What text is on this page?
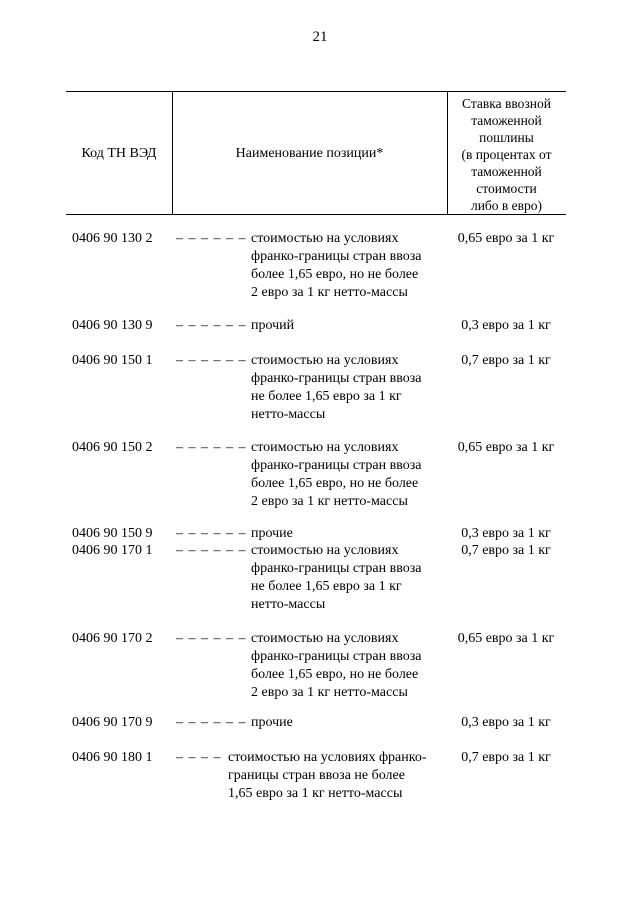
21
Код ТН ВЭД	Наименование позиции*
Ставка ввозной
таможенной
пошлины
(в процентах от
таможенной
стоимости
либо в евро)
0406 90 130 2 – – – – – – стоимостью на условиях
франко-границы стран ввоза
более 1,65 евро, но не более
2 евро за 1 кг нетто-массы
0,65 евро за 1 кг
0406 90 130 9 – – – – – – прочий	0,3 евро за 1 кг
0406 90 150 1 – – – – – – стоимостью на условиях
франко-границы стран ввоза
не более 1,65 евро за 1 кг
нетто-массы
0,7 евро за 1 кг
0406 90 150 2 – – – – – – стоимостью на условиях
франко-границы стран ввоза
более 1,65 евро, но не более
2 евро за 1 кг нетто-массы
0,65 евро за 1 кг
0406 90 150 9 – – – – – – прочие	0,3 евро за 1 кг
0406 90 170 1 – – – – – – стоимостью на условиях
франко-границы стран ввоза
не более 1,65 евро за 1 кг
нетто-массы
0,7 евро за 1 кг
0406 90 170 2 – – – – – – стоимостью на условиях
франко-границы стран ввоза
более 1,65 евро, но не более
2 евро за 1 кг нетто-массы
0,65 евро за 1 кг
0406 90 170 9 – – – – – – прочие	0,3 евро за 1 кг
0406 90 180 1 – – – – стоимостью на условиях франко-
границы стран ввоза не более
1,65 евро за 1 кг нетто-массы
0,7 евро за 1 кг
